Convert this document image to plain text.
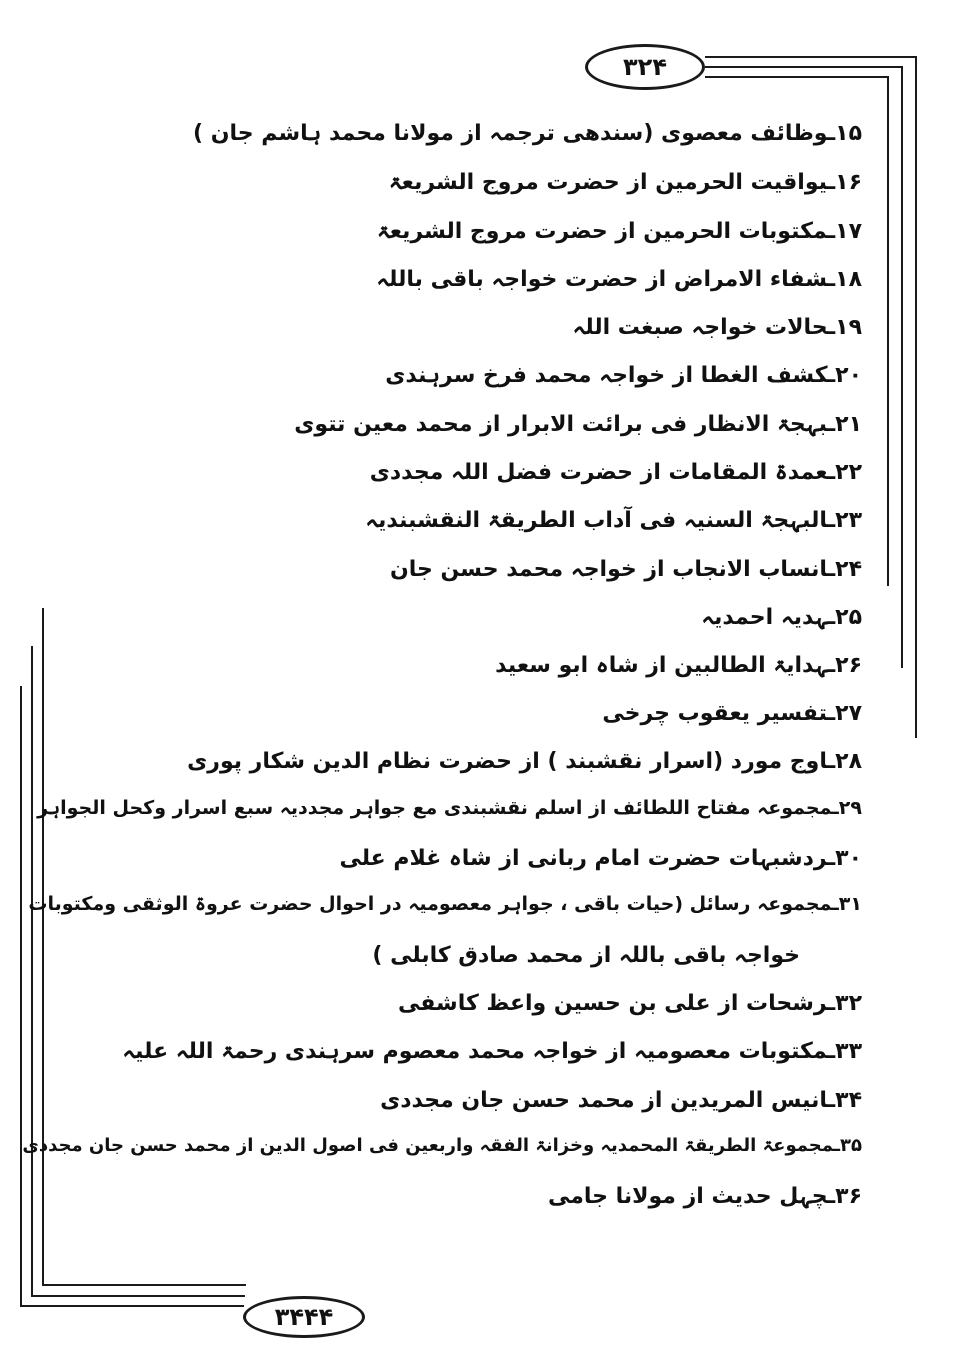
۳۲۴
۳۴۴۴
۱۵ـوظائف معصوی (سندھی ترجمہ از مولانا محمد ہاشم جان )
۱۶ـیواقیت الحرمین از حضرت مروج الشریعۃ
۱۷ـمکتوبات الحرمین از حضرت مروج الشریعۃ
۱۸ـشفاء الامراض از حضرت خواجہ باقی باللہ
۱۹ـحالات خواجہ صبغت اللہ
۲۰ـکشف الغطا از خواجہ محمد فرخ سرہندی
۲۱ـبہجۃ الانظار فی برائت الابرار از محمد معین تتوی
۲۲ـعمدۃ المقامات از حضرت فضل اللہ مجددی
۲۳ـالبہجۃ السنیہ فی آداب الطریقۃ النقشبندیہ
۲۴ـانساب الانجاب از خواجہ محمد حسن جان
۲۵ـہدیہ احمدیہ
۲۶ـہدایۃ الطالبین از شاہ ابو سعید
۲۷ـتفسیر یعقوب چرخی
۲۸ـاوج مورد (اسرار نقشبند ) از حضرت نظام الدین شکار پوری
۲۹ـمجموعہ مفتاح اللطائف از اسلم نقشبندی مع جواہر مجددیہ سبع اسرار وکحل الجواہر
۳۰ـردشبہات حضرت امام ربانی از شاہ غلام علی
۳۱ـمجموعہ رسائل (حیات باقی ، جواہر معصومیہ در احوال حضرت عروۃ الوثقی ومکتوبات
خواجہ باقی باللہ از محمد صادق کابلی )
۳۲ـرشحات از علی بن حسین واعظ کاشفی
۳۳ـمکتوبات معصومیہ از خواجہ محمد معصوم سرہندی رحمۃ اللہ علیہ
۳۴ـانیس المریدین از محمد حسن جان مجددی
۳۵ـمجموعۃ الطریقۃ المحمدیہ وخزانۃ الفقہ واربعین فی اصول الدین از محمد حسن جان مجددی
۳۶ـچہل حدیث از مولانا جامی
